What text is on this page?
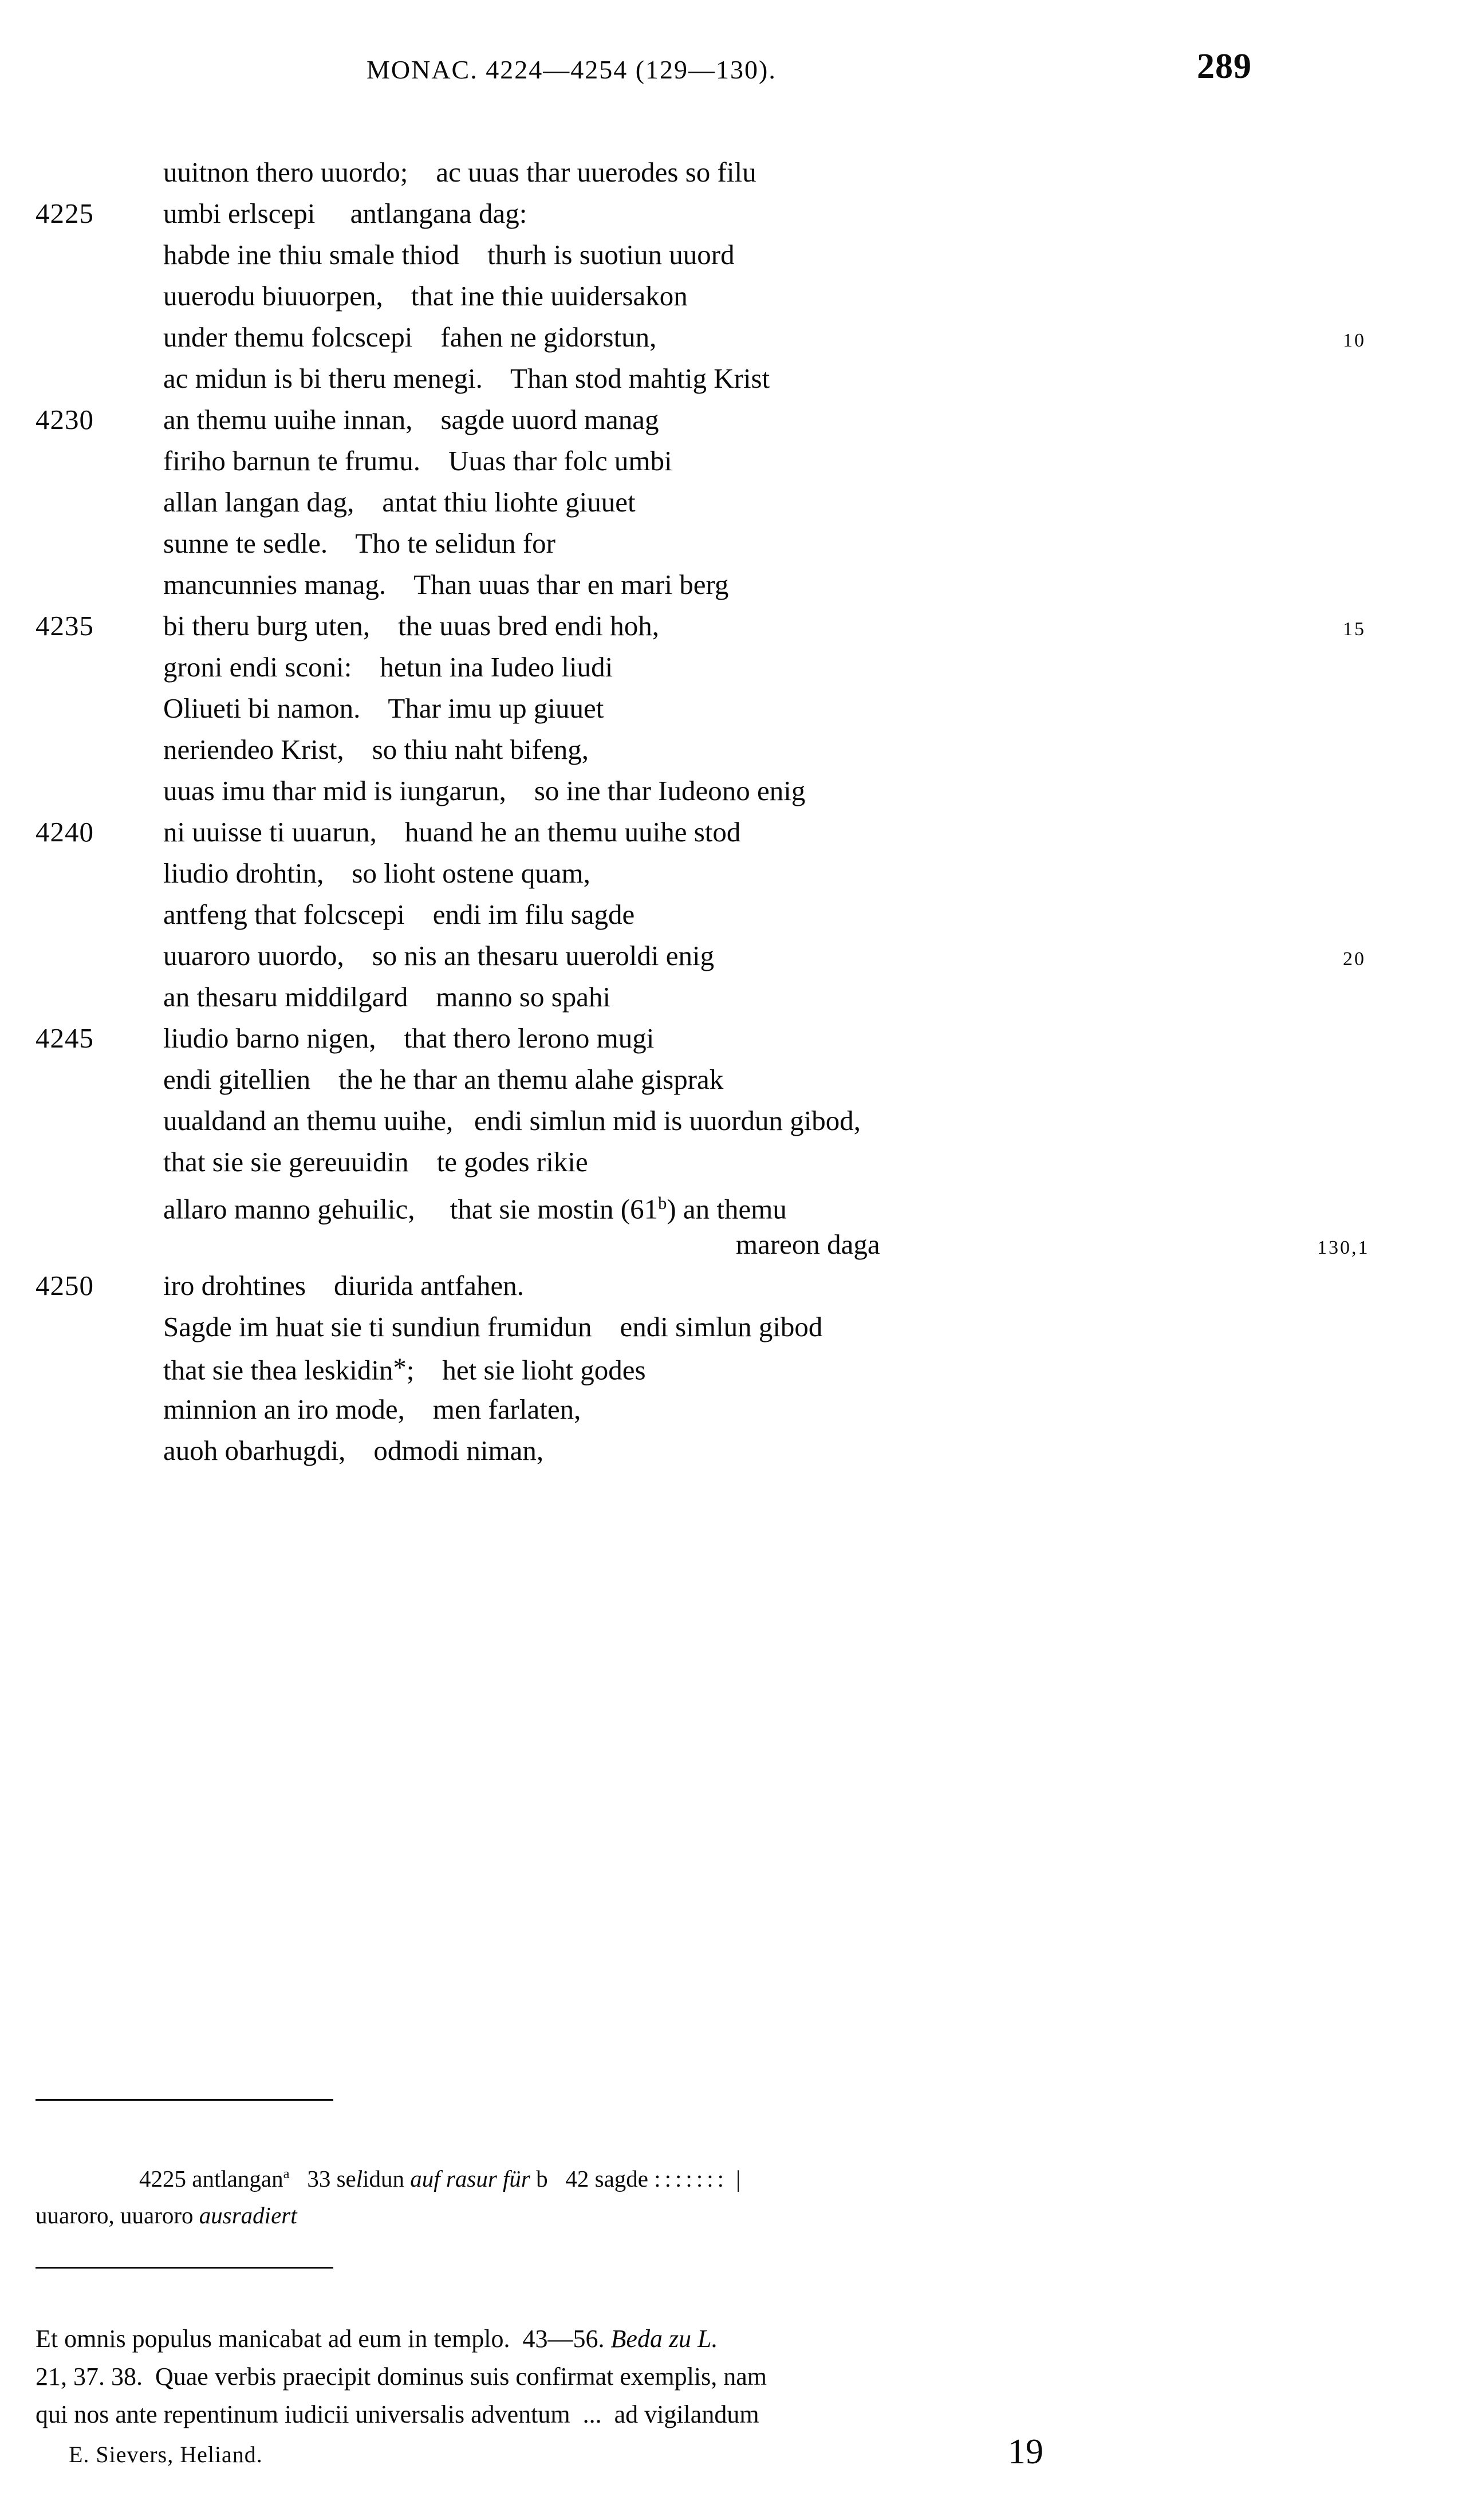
MONAC. 4224—4254 (129—130).	289
uuitnon thero uuordo;    ac uuas thar uuerodes so filu
4225	umbi erlscepi     antlangana dag:
habde ine thiu smale thiod    thurh is suotiun uuord
uuerodu biuuorpen,    that ine thie uuidersakon
under themu folcscepi    fahen ne gidorstun,	10
ac midun is bi theru menegi.    Than stod mahtig Krist
4230	an themu uuihe innan,    sagde uuord manag
firiho barnun te frumu.    Uuas thar folc umbi
allan langan dag,    antat thiu liohte giuuet
sunne te sedle.    Tho te selidun for
mancunnies manag.    Than uuas thar en mari berg
4235	bi theru burg uten,    the uuas bred endi hoh,	15
groni endi sconi:    hetun ina Iudeo liudi
Oliueti bi namon.    Thar imu up giuuet
neriendeo Krist,    so thiu naht bifeng,
uuas imu thar mid is iungarun,    so ine thar Iudeono enig
4240	ni uuisse ti uuarun,    huand he an themu uuihe stod
liudio drohtin,    so lioht ostene quam,
antfeng that folcscepi    endi im filu sagde
uuaroro uuordo,    so nis an thesaru uueroldi enig	20
an thesaru middilgard    manno so spahi
4245	liudio barno nigen,    that thero lerono mugi
endi gitellien    the he thar an themu alahe gisprak
uualdand an themu uuihe,   endi simlun mid is uuordun gibod,
that sie sie gereuuidin    te godes rikie
allaro manno gehuilic,     that sie mostin (61$^b$) an themu
mareon daga	130,1
4250	iro drohtines    diurida antfahen.
Sagde im huat sie ti sundiun frumidun    endi simlun gibod
that sie thea leskidin*;    het sie lioht godes
minnion an iro mode,    men farlaten,
auoh obarhugdi,    odmodi niman,

4225 antlangan$^a$ 33 selidun auf rasur für b 42 sagde ::::::: |
uuaroro, uuaroro ausradiert

Et omnis populus manicabat ad eum in templo.  43—56. Beda zu L.
21, 37. 38.  Quae verbis praecipit dominus suis confirmat exemplis, nam
qui nos ante repentinum iudicii universalis adventum  ...  ad vigilandum
E. Sievers, Heliand.	19
